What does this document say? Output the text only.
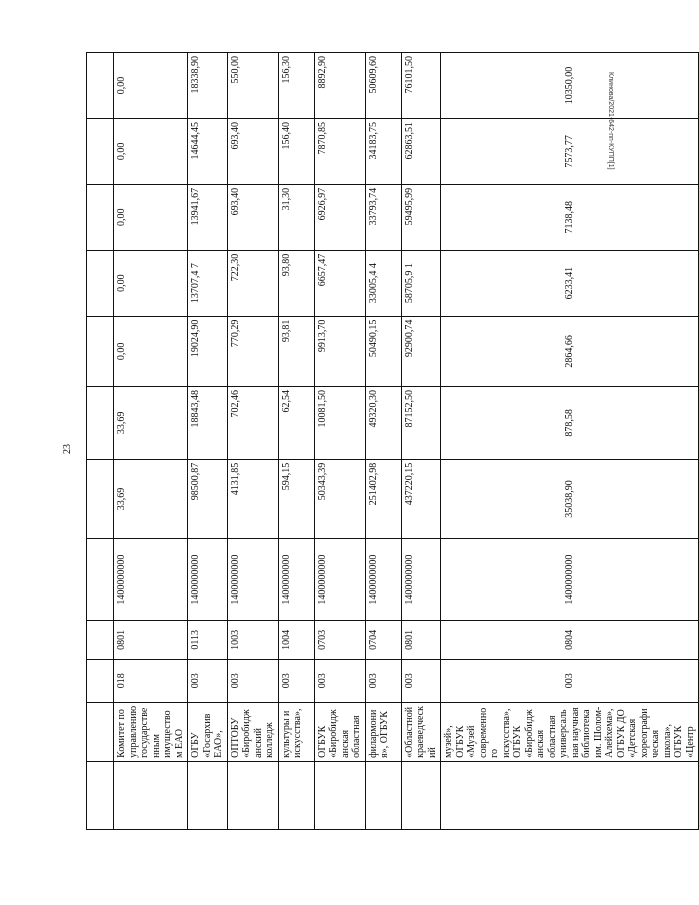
23
Клинова/2021-642-пп-КУПП[1]

	Комитет по управлению государственным имуществом ЕАО	018	0801	1400000000	33,69	33,69	0,00	0,00	0,00	0,00	0,00
	ОГБУ «Госархив ЕАО»,	003	0113	1400000000	98500,87	18843,48	19024,90	13707,4 7	13941,67	14644,45	18338,90
	ОПТОБУ «Биробиджанский колледж	003	1003	1400000000	4131,85	702,46	770,29	722,30	693,40	693,40	550,00
	культуры и искусства»,	003	1004	1400000000	594,15	62,54	93,81	93,80	31,30	156,40	156,30
	ОГБУК «Биробиджанская областная	003	0703	1400000000	50343,39	10081,50	9913,70	6657,47	6926,97	7870,85	8892,90
	филармония», ОГБУК	003	0704	1400000000	251402,98	49320,30	50490,15	33005,4 4	33793,74	34183,75	50609,60
	«Областной краеведческий	003	0801	1400000000	437220,15	87152,50	92900,74	58705,9 1	59495,99	62863,51	76101,50
	музей», ОГБУК «Музей современного искусства», ОГБУК «Биробиджанская областная универсальная научная библиотека им. Шолом-Алейхема», ОГБУК ДО «Детская хореографическая школа», ОГБУК «Центр	003	0804	1400000000	35038,90	878,58	2864,66	6233,41	7138,48	7573,77	10350,00
